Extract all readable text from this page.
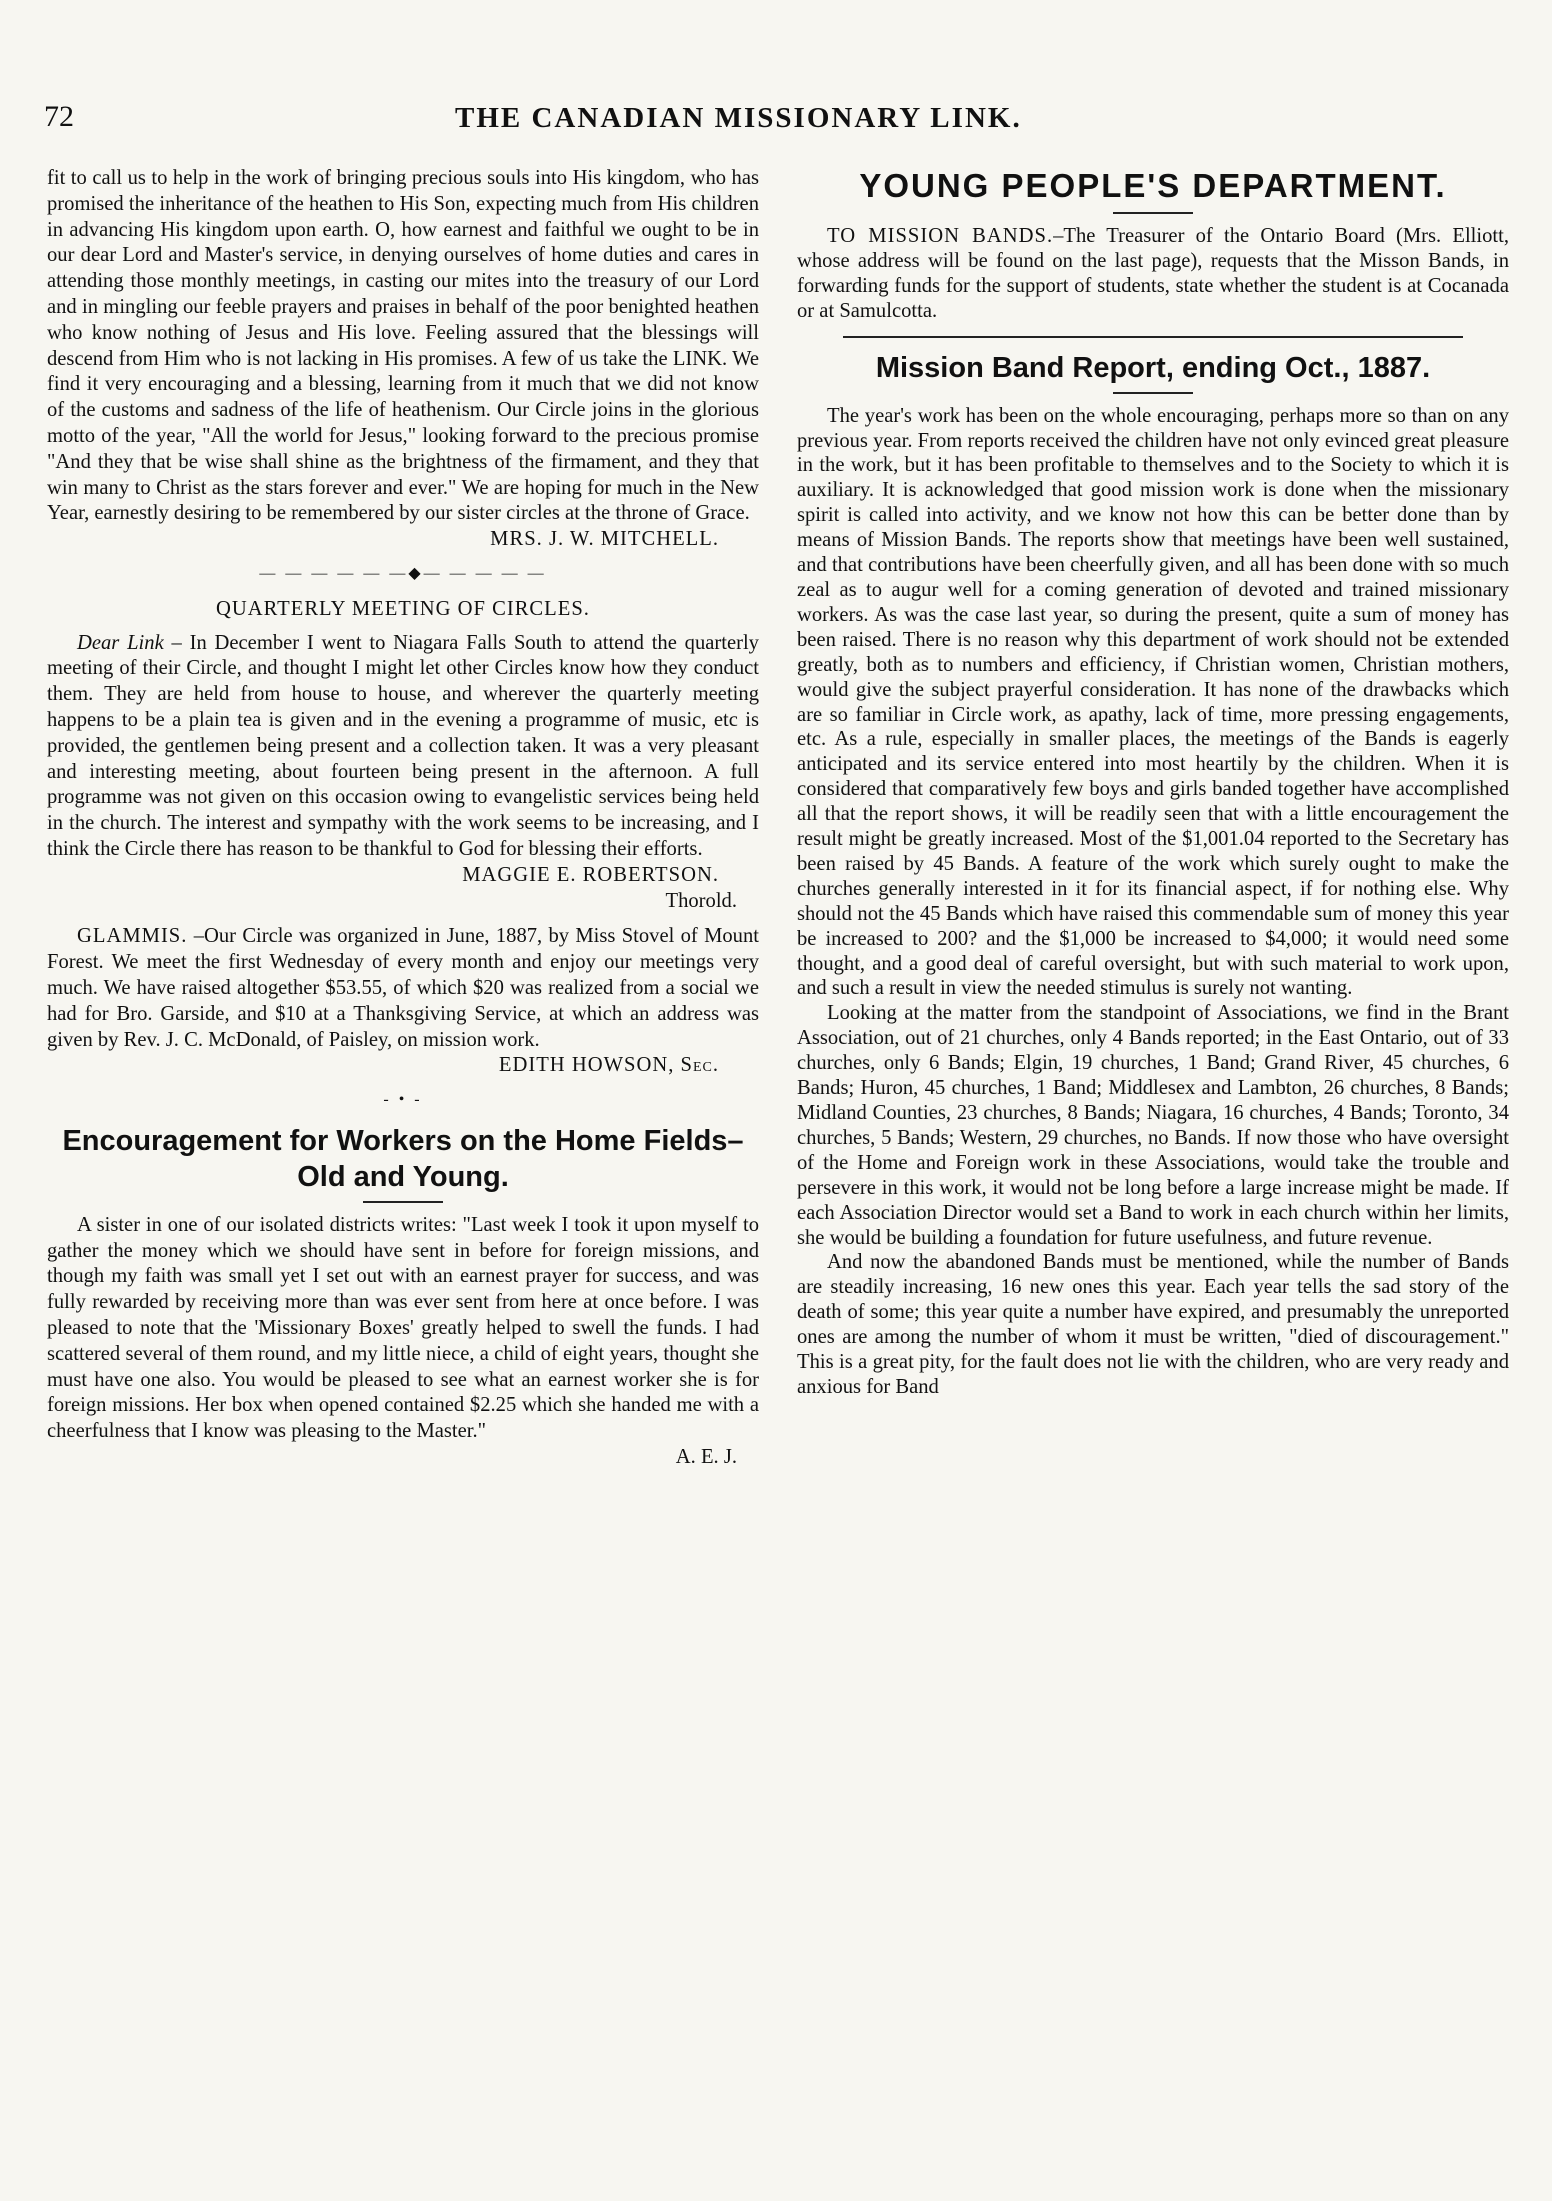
72	THE CANADIAN MISSIONARY LINK.

fit to call us to help in the work of bringing precious souls into His kingdom, who has promised the inheritance of the heathen to His Son, expecting much from His children in advancing His kingdom upon earth. O, how earnest and faithful we ought to be in our dear Lord and Master's service, in denying ourselves of home duties and cares in attending those monthly meetings, in casting our mites into the treasury of our Lord and in mingling our feeble prayers and praises in behalf of the poor benighted heathen who know nothing of Jesus and His love. Feeling assured that the blessings will descend from Him who is not lacking in His promises. A few of us take the LINK. We find it very encouraging and a blessing, learning from it much that we did not know of the customs and sadness of the life of heathenism. Our Circle joins in the glorious motto of the year, "All the world for Jesus," looking forward to the precious promise "And they that be wise shall shine as the brightness of the firmament, and they that win many to Christ as the stars forever and ever." We are hoping for much in the New Year, earnestly desiring to be remembered by our sister circles at the throne of Grace.

MRS. J. W. MITCHELL.

— — — — — —◆— — — — —

QUARTERLY MEETING OF CIRCLES.

Dear Link – In December I went to Niagara Falls South to attend the quarterly meeting of their Circle, and thought I might let other Circles know how they conduct them. They are held from house to house, and wherever the quarterly meeting happens to be a plain tea is given and in the evening a programme of music, etc is provided, the gentlemen being present and a collection taken. It was a very pleasant and interesting meeting, about fourteen being present in the afternoon. A full programme was not given on this occasion owing to evangelistic services being held in the church. The interest and sympathy with the work seems to be increasing, and I think the Circle there has reason to be thankful to God for blessing their efforts.

MAGGIE E. ROBERTSON.

Thorold.

GLAMMIS. –Our Circle was organized in June, 1887, by Miss Stovel of Mount Forest. We meet the first Wednesday of every month and enjoy our meetings very much. We have raised altogether $53.55, of which $20 was realized from a social we had for Bro. Garside, and $10 at a Thanksgiving Service, at which an address was given by Rev. J. C. McDonald, of Paisley, on mission work.

EDITH HOWSON, Sec.

- • -
Encouragement for Workers on the Home Fields–Old and Young.

A sister in one of our isolated districts writes: "Last week I took it upon myself to gather the money which we should have sent in before for foreign missions, and though my faith was small yet I set out with an earnest prayer for success, and was fully rewarded by receiving more than was ever sent from here at once before. I was pleased to note that the 'Missionary Boxes' greatly helped to swell the funds. I had scattered several of them round, and my little niece, a child of eight years, thought she must have one also. You would be pleased to see what an earnest worker she is for foreign missions. Her box when opened contained $2.25 which she handed me with a cheerfulness that I know was pleasing to the Master."

A. E. J.

YOUNG PEOPLE'S DEPARTMENT.

TO MISSION BANDS.–The Treasurer of the Ontario Board (Mrs. Elliott, whose address will be found on the last page), requests that the Misson Bands, in forwarding funds for the support of students, state whether the student is at Cocanada or at Samulcotta.

Mission Band Report, ending Oct., 1887.

The year's work has been on the whole encouraging, perhaps more so than on any previous year. From reports received the children have not only evinced great pleasure in the work, but it has been profitable to themselves and to the Society to which it is auxiliary. It is acknowledged that good mission work is done when the missionary spirit is called into activity, and we know not how this can be better done than by means of Mission Bands. The reports show that meetings have been well sustained, and that contributions have been cheerfully given, and all has been done with so much zeal as to augur well for a coming generation of devoted and trained missionary workers. As was the case last year, so during the present, quite a sum of money has been raised. There is no reason why this department of work should not be extended greatly, both as to numbers and efficiency, if Christian women, Christian mothers, would give the subject prayerful consideration. It has none of the drawbacks which are so familiar in Circle work, as apathy, lack of time, more pressing engagements, etc. As a rule, especially in smaller places, the meetings of the Bands is eagerly anticipated and its service entered into most heartily by the children. When it is considered that comparatively few boys and girls banded together have accomplished all that the report shows, it will be readily seen that with a little encouragement the result might be greatly increased. Most of the $1,001.04 reported to the Secretary has been raised by 45 Bands. A feature of the work which surely ought to make the churches generally interested in it for its financial aspect, if for nothing else. Why should not the 45 Bands which have raised this commendable sum of money this year be increased to 200? and the $1,000 be increased to $4,000; it would need some thought, and a good deal of careful oversight, but with such material to work upon, and such a result in view the needed stimulus is surely not wanting.

Looking at the matter from the standpoint of Associations, we find in the Brant Association, out of 21 churches, only 4 Bands reported; in the East Ontario, out of 33 churches, only 6 Bands; Elgin, 19 churches, 1 Band; Grand River, 45 churches, 6 Bands; Huron, 45 churches, 1 Band; Middlesex and Lambton, 26 churches, 8 Bands; Midland Counties, 23 churches, 8 Bands; Niagara, 16 churches, 4 Bands; Toronto, 34 churches, 5 Bands; Western, 29 churches, no Bands. If now those who have oversight of the Home and Foreign work in these Associations, would take the trouble and persevere in this work, it would not be long before a large increase might be made. If each Association Director would set a Band to work in each church within her limits, she would be building a foundation for future usefulness, and future revenue.

And now the abandoned Bands must be mentioned, while the number of Bands are steadily increasing, 16 new ones this year. Each year tells the sad story of the death of some; this year quite a number have expired, and presumably the unreported ones are among the number of whom it must be written, "died of discouragement." This is a great pity, for the fault does not lie with the children, who are very ready and anxious for Band
